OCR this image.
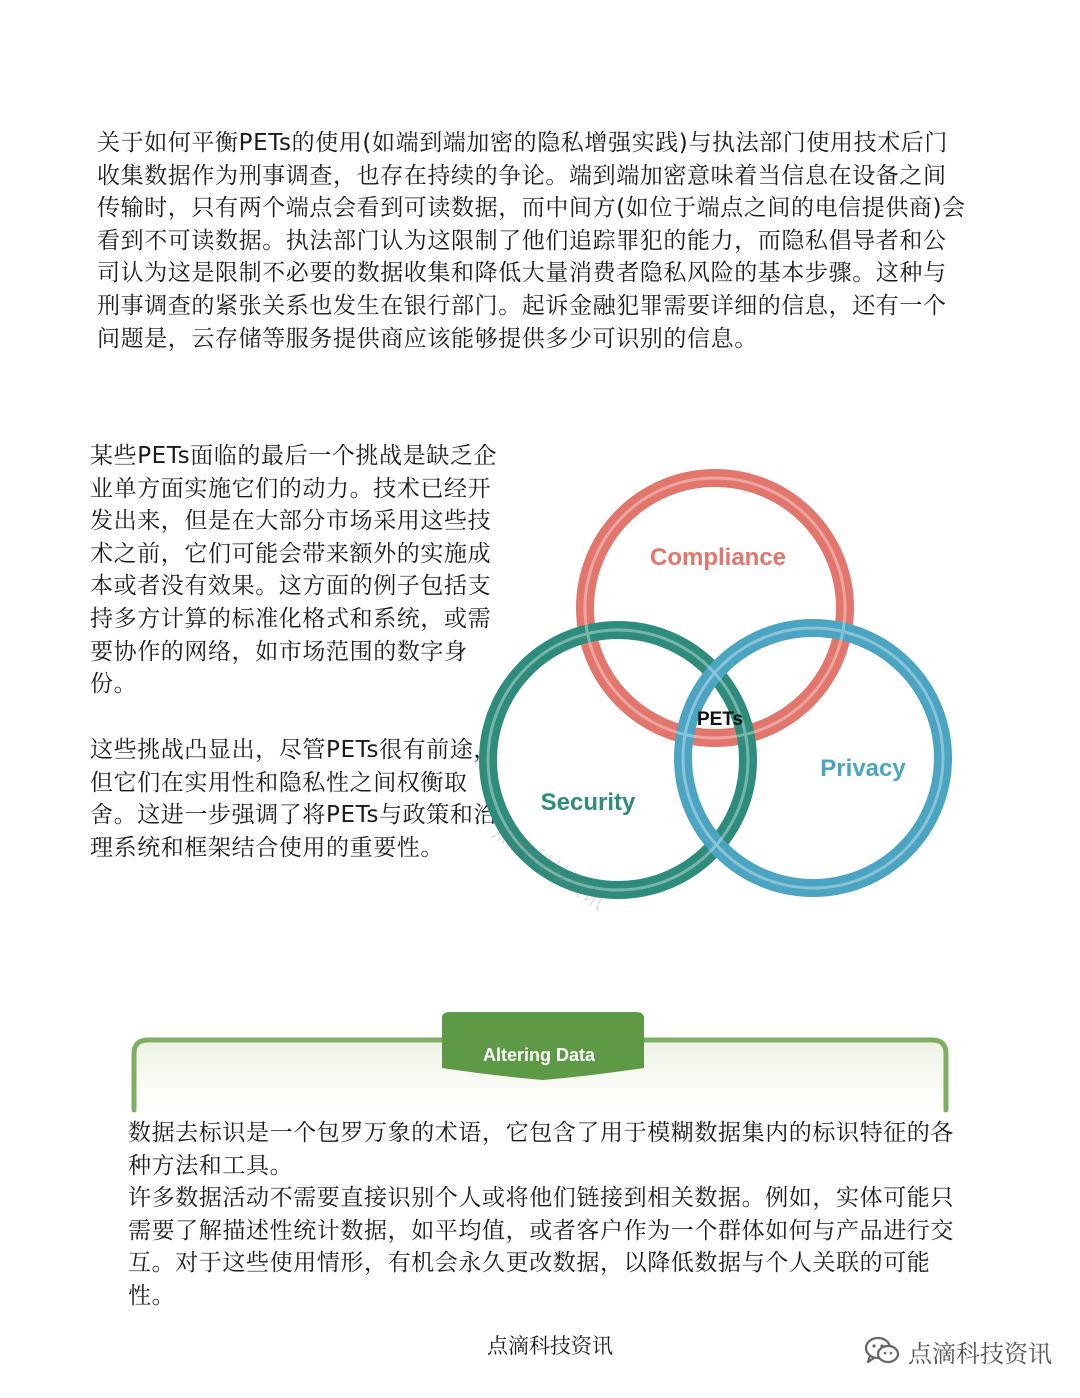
关于如何平衡PETs的使用(如端到端加密的隐私增强实践)与执法部门使用技术后门收集数据作为刑事调查，也存在持续的争论。端到端加密意味着当信息在设备之间传输时，只有两个端点会看到可读数据，而中间方(如位于端点之间的电信提供商)会看到不可读数据。执法部门认为这限制了他们追踪罪犯的能力，而隐私倡导者和公司认为这是限制不必要的数据收集和降低大量消费者隐私风险的基本步骤。这种与刑事调查的紧张关系也发生在银行部门。起诉金融犯罪需要详细的信息，还有一个问题是，云存储等服务提供商应该能够提供多少可识别的信息。

某些PETs面临的最后一个挑战是缺乏企业单方面实施它们的动力。技术已经开发出来，但是在大部分市场采用这些技术之前，它们可能会带来额外的实施成本或者没有效果。这方面的例子包括支持多方计算的标准化格式和系统，或需要协作的网络，如市场范围的数字身份。

这些挑战凸显出，尽管PETs很有前途，但它们在实用性和隐私性之间权衡取舍。这进一步强调了将PETs与政策和治理系统和框架结合使用的重要性。

Compliance
Security
Privacy
PETs
Altering Data

数据去标识是一个包罗万象的术语，它包含了用于模糊数据集内的标识特征的各种方法和工具。

许多数据活动不需要直接识别个人或将他们链接到相关数据。例如，实体可能只需要了解描述性统计数据，如平均值，或者客户作为一个群体如何与产品进行交互。对于这些使用情形，有机会永久更改数据，以降低数据与个人关联的可能性。

点滴科技资讯	点滴科技资讯
点滴科技资讯
